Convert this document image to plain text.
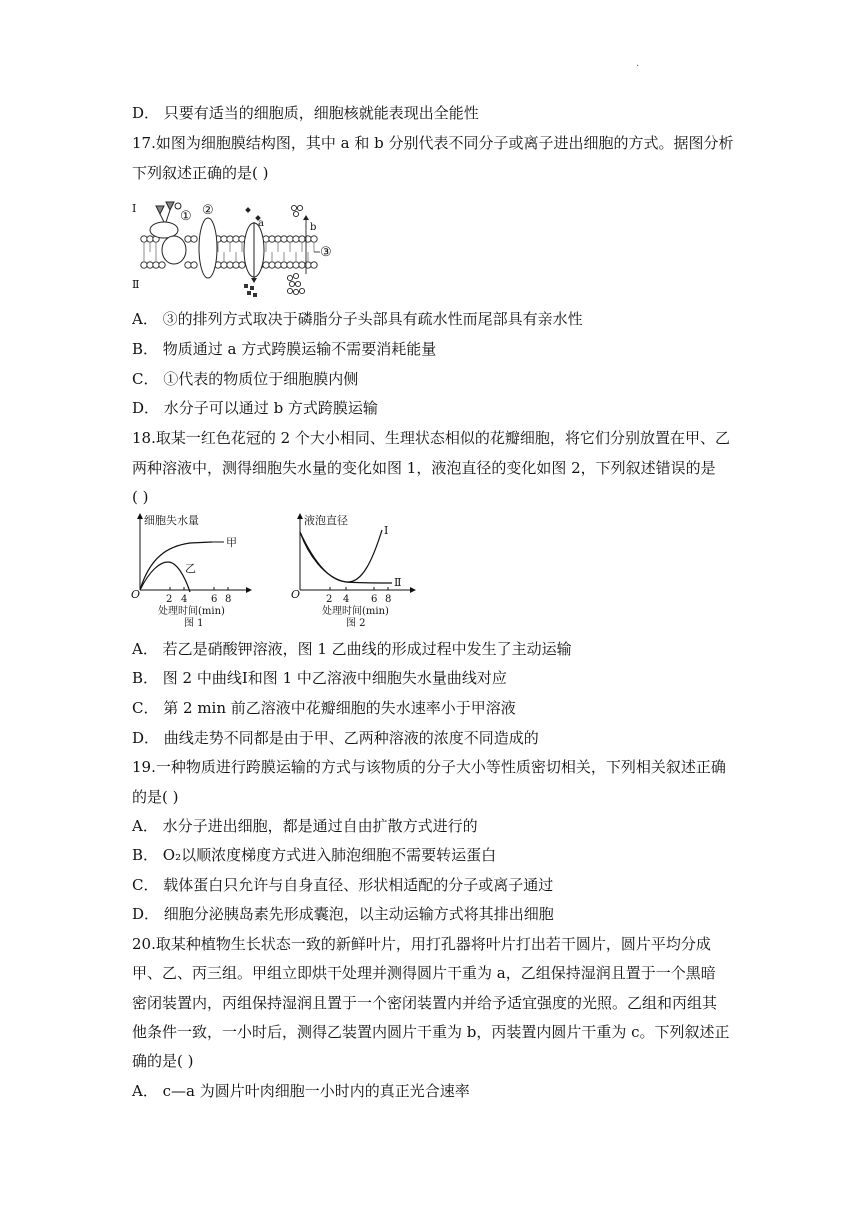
.
D． 只要有适当的细胞质，细胞核就能表现出全能性
17.如图为细胞膜结构图，其中 a 和 b 分别代表不同分子或离子进出细胞的方式。据图分析
下列叙述正确的是( )
Ⅰ
Ⅱ
① ②
a	b
③
A． ③的排列方式取决于磷脂分子头部具有疏水性而尾部具有亲水性
B． 物质通过 a 方式跨膜运输不需要消耗能量
C． ①代表的物质位于细胞膜内侧
D． 水分子可以通过 b 方式跨膜运输
18.取某一红色花冠的 2 个大小相同、生理状态相似的花瓣细胞，将它们分别放置在甲、乙
两种溶液中，测得细胞失水量的变化如图 1，液泡直径的变化如图 2，下列叙述错误的是
( )
细胞失水量
O
甲
乙
2 4 6 8
处理时间(min)
图 1
液泡直径
O
Ⅰ
Ⅱ
2 4 6 8
处理时间(min)
图 2
A． 若乙是硝酸钾溶液，图 1 乙曲线的形成过程中发生了主动运输
B． 图 2 中曲线Ⅰ和图 1 中乙溶液中细胞失水量曲线对应
C． 第 2 min 前乙溶液中花瓣细胞的失水速率小于甲溶液
D． 曲线走势不同都是由于甲、乙两种溶液的浓度不同造成的
19.一种物质进行跨膜运输的方式与该物质的分子大小等性质密切相关，下列相关叙述正确
的是( )
A． 水分子进出细胞，都是通过自由扩散方式进行的
B． O₂以顺浓度梯度方式进入肺泡细胞不需要转运蛋白
C． 载体蛋白只允许与自身直径、形状相适配的分子或离子通过
D． 细胞分泌胰岛素先形成囊泡，以主动运输方式将其排出细胞
20.取某种植物生长状态一致的新鲜叶片，用打孔器将叶片打出若干圆片，圆片平均分成
甲、乙、丙三组。甲组立即烘干处理并测得圆片干重为 a，乙组保持湿润且置于一个黑暗
密闭装置内，丙组保持湿润且置于一个密闭装置内并给予适宜强度的光照。乙组和丙组其
他条件一致，一小时后，测得乙装置内圆片干重为 b，丙装置内圆片干重为 c。下列叙述正
确的是( )
A． c—a 为圆片叶肉细胞一小时内的真正光合速率
